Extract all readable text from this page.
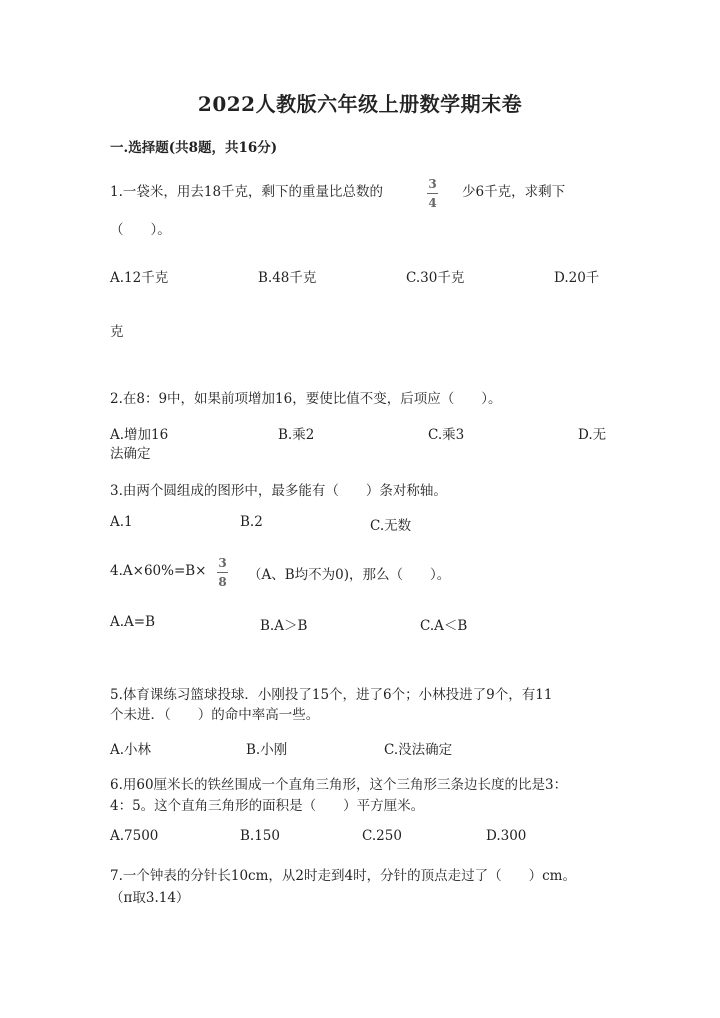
2022人教版六年级上册数学期末卷
一.选择题(共8题，共16分)
1.一袋米，用去18千克，剩下的重量比总数的	3
4
少6千克，求剩下
（　　）。
A.12千克	B.48千克	C.30千克	D.20千
克
2.在8：9中，如果前项增加16，要使比值不变，后项应（　　）。
A.增加16	B.乘2	C.乘3	D.无
法确定
3.由两个圆组成的图形中，最多能有（　　）条对称轴。
A.1	B.2	C.无数
4.A×60%=B× 3
8 （A、B均不为0)，那么（　　）。
A.A=B	B.A＞B	C.A＜B
5.体育课练习篮球投球．小刚投了15个，进了6个；小林投进了9个，有11
个未进．（　　）的命中率高一些。
A.小林	B.小刚	C.没法确定
6.用60厘米长的铁丝围成一个直角三角形，这个三角形三条边长度的比是3：
4：5。这个直角三角形的面积是（　　）平方厘米。
A.7500	B.150	C.250	D.300
7.一个钟表的分针长10cm，从2时走到4时，分针的顶点走过了（　　）cm。
（π取3.14）
